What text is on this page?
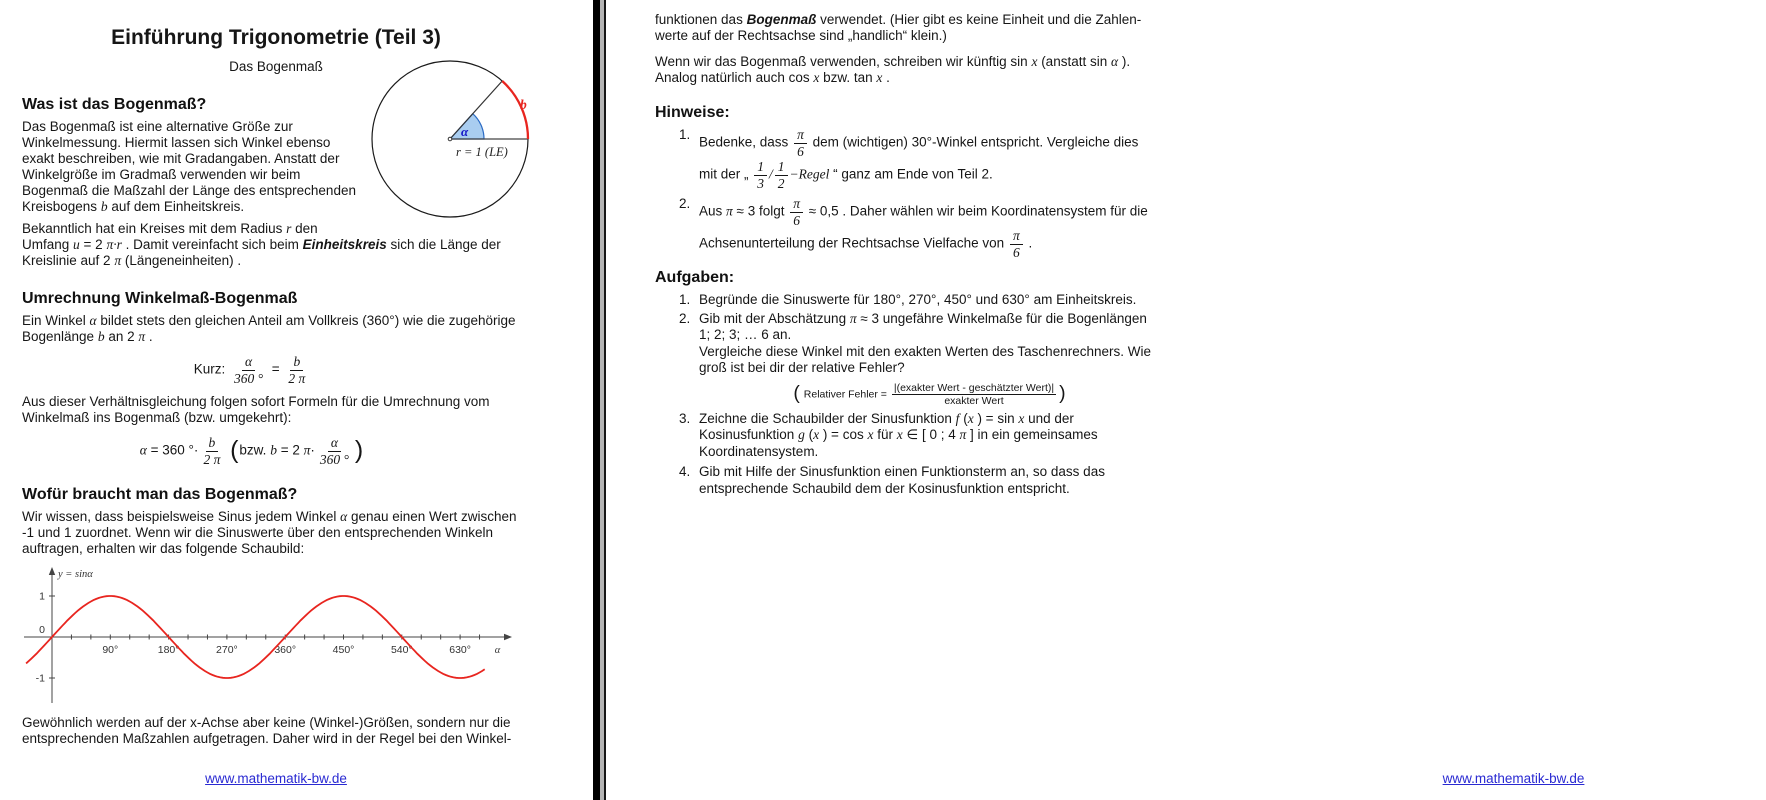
Einführung Trigonometrie (Teil 3)
Das Bogenmaß
α
b
r = 1 (LE)
Was ist das Bogenmaß?

Das Bogenmaß ist eine alternative Größe zur Winkelmessung. Hiermit lassen sich Winkel ebenso exakt beschreiben, wie mit Gradangaben. Anstatt der Winkelgröße im Gradmaß verwenden wir beim Bogenmaß die Maßzahl der Länge des entsprechenden Kreisbogens b auf dem Einheitskreis.

Bekanntlich hat ein Kreises mit dem Radius r den Umfang u = 2 π·r . Damit vereinfacht sich beim Einheitskreis sich die Länge der Kreislinie auf 2 π (Längeneinheiten) .

Umrechnung Winkelmaß-Bogenmaß

Ein Winkel α bildet stets den gleichen Anteil am Vollkreis (360°) wie die zugehörige Bogenlänge b an 2 π .

Kurz: $\frac{\alpha}{360 ^\circ} = \frac{b}{2 \pi}$

Aus dieser Verhältnisgleichung folgen sofort Formeln für die Umrechnung vom Winkelmaß ins Bogenmaß (bzw. umgekehrt):

α = 360 °· $\frac{b}{2 \pi} (bzw$. b = 2 $\pi\cdot \frac{\alpha}{360 ^\circ}$ )
Wofür braucht man das Bogenmaß?

Wir wissen, dass beispielsweise Sinus jedem Winkel α genau einen Wert zwischen -1 und 1 zuordnet. Wenn wir die Sinuswerte über den entsprechenden Winkeln auftragen, erhalten wir das folgende Schaubild:

90°	180°	270°	360°	450°	540°	630°
1
0
-1
y = sinα
α

Gewöhnlich werden auf der x-Achse aber keine (Winkel-)Größen, sondern nur die entsprechenden Maßzahlen aufgetragen. Daher wird in der Regel bei den Winkel-

www.mathematik-bw.de

funktionen das Bogenmaß verwendet. (Hier gibt es keine Einheit und die Zahlen-werte auf der Rechtsachse sind „handlich“ klein.)

Wenn wir das Bogenmaß verwenden, schreiben wir künftig sin x (anstatt sin α ). Analog natürlich auch cos x bzw. tan x .

Hinweise:
1.
Bedenke, dass $\frac{\pi}{6}$ dem (wichtigen) 30°-Winkel entspricht. Vergleiche dies mit der „ $\frac{1}{3} / \frac{1}{2}$ −Regel “ ganz am Ende von Teil 2.
2.
Aus π ≈ 3 folgt $\frac{\pi}{6} \approx 0,5$ . Daher wählen wir beim Koordinatensystem für die Achsenunterteilung der Rechtsachse Vielfache von $\frac{\pi}{6}$ .
Aufgaben:
1. Begründe die Sinuswerte für 180°, 270°, 450° und 630° am Einheitskreis.
2. Gib mit der Abschätzung π ≈ 3 ungefähre Winkelmaße für die Bogenlängen 1; 2; 3; … 6 an.
Vergleiche diese Winkel mit den exakten Werten des Taschenrechners. Wie groß ist bei dir der relative Fehler?
( Relativer Fehler = $\frac{\text{|(exakter Wert - geschätzter Wert)|}}{\text{exakter Wert}}$ )
3. Zeichne die Schaubilder der Sinusfunktion f (x ) = sin x und der Kosinusfunktion g (x ) = cos x für x ∈ [ 0 ; 4 π ] in ein gemeinsames Koordinatensystem.
4. Gib mit Hilfe der Sinusfunktion einen Funktionsterm an, so dass das entsprechende Schaubild dem der Kosinusfunktion entspricht.
www.mathematik-bw.de
